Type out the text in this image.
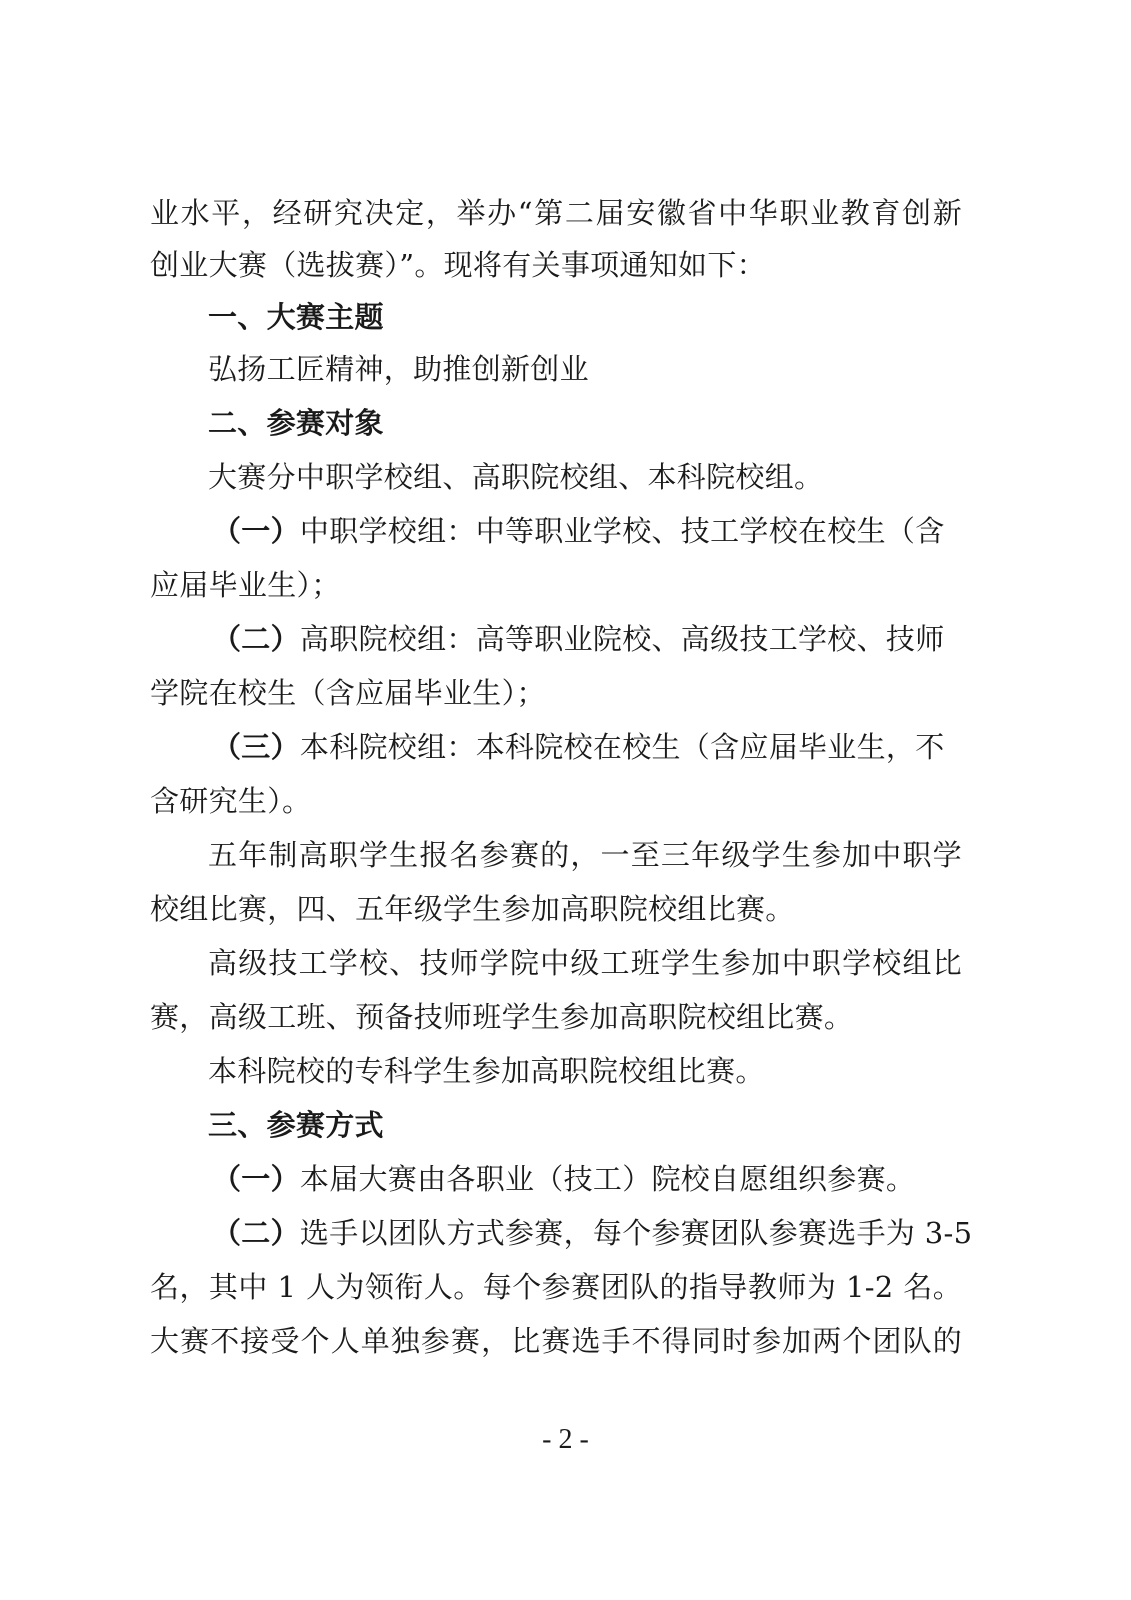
业水平，经研究决定，举办“第二届安徽省中华职业教育创新
创业大赛（选拔赛）”。现将有关事项通知如下：
一、大赛主题
弘扬工匠精神，助推创新创业
二、参赛对象
大赛分中职学校组、高职院校组、本科院校组。
（一）中职学校组：中等职业学校、技工学校在校生（含
应届毕业生）；
（二）高职院校组：高等职业院校、高级技工学校、技师
学院在校生（含应届毕业生）；
（三）本科院校组：本科院校在校生（含应届毕业生，不
含研究生）。
五年制高职学生报名参赛的，一至三年级学生参加中职学
校组比赛，四、五年级学生参加高职院校组比赛。
高级技工学校、技师学院中级工班学生参加中职学校组比
赛，高级工班、预备技师班学生参加高职院校组比赛。
本科院校的专科学生参加高职院校组比赛。
三、参赛方式
（一）本届大赛由各职业（技工）院校自愿组织参赛。
（二）选手以团队方式参赛，每个参赛团队参赛选手为 3-5
名，其中 1 人为领衔人。每个参赛团队的指导教师为 1-2 名。
大赛不接受个人单独参赛，比赛选手不得同时参加两个团队的
- 2 -
